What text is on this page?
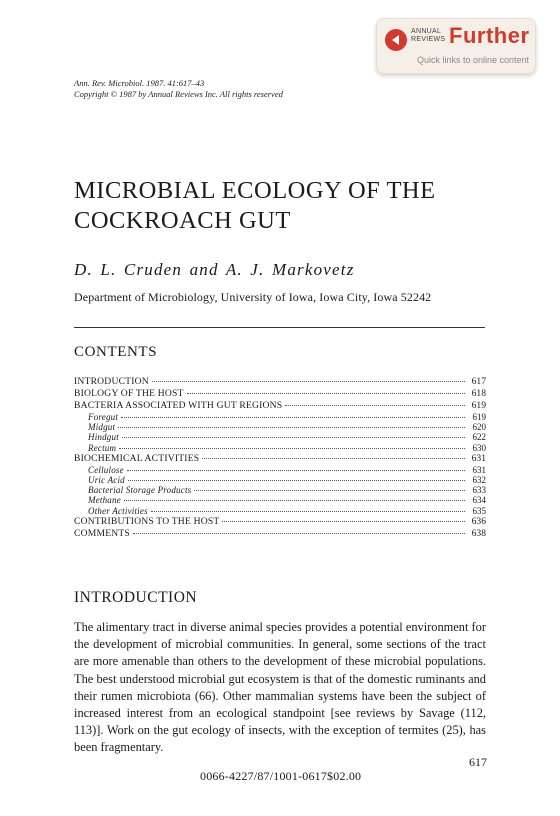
ANNUAL
REVIEWS Further
Quick links to online content
Ann. Rev. Microbiol. 1987. 41:617–43
Copyright © 1987 by Annual Reviews Inc. All rights reserved
MICROBIAL ECOLOGY OF THE
COCKROACH GUT
D. L. Cruden and A. J. Markovetz
Department of Microbiology, University of Iowa, Iowa City, Iowa 52242
CONTENTS
INTRODUCTION	617
BIOLOGY OF THE HOST	618
BACTERIA ASSOCIATED WITH GUT REGIONS	619
Foregut	619
Midgut	620
Hindgut	622
Rectum	630
BIOCHEMICAL ACTIVITIES	631
Cellulose	631
Uric Acid	632
Bacterial Storage Products	633
Methane	634
Other Activities	635
CONTRIBUTIONS TO THE HOST	636
COMMENTS	638
INTRODUCTION
The alimentary tract in diverse animal species provides a potential environment for the development of microbial communities. In general, some sections of the tract are more amenable than others to the development of these microbial populations. The best understood microbial gut ecosystem is that of the domestic ruminants and their rumen microbiota (66). Other mammalian systems have been the subject of increased interest from an ecological standpoint [see reviews by Savage (112, 113)]. Work on the gut ecology of insects, with the exception of termites (25), has been fragmentary.
617
0066-4227/87/1001-0617$02.00
